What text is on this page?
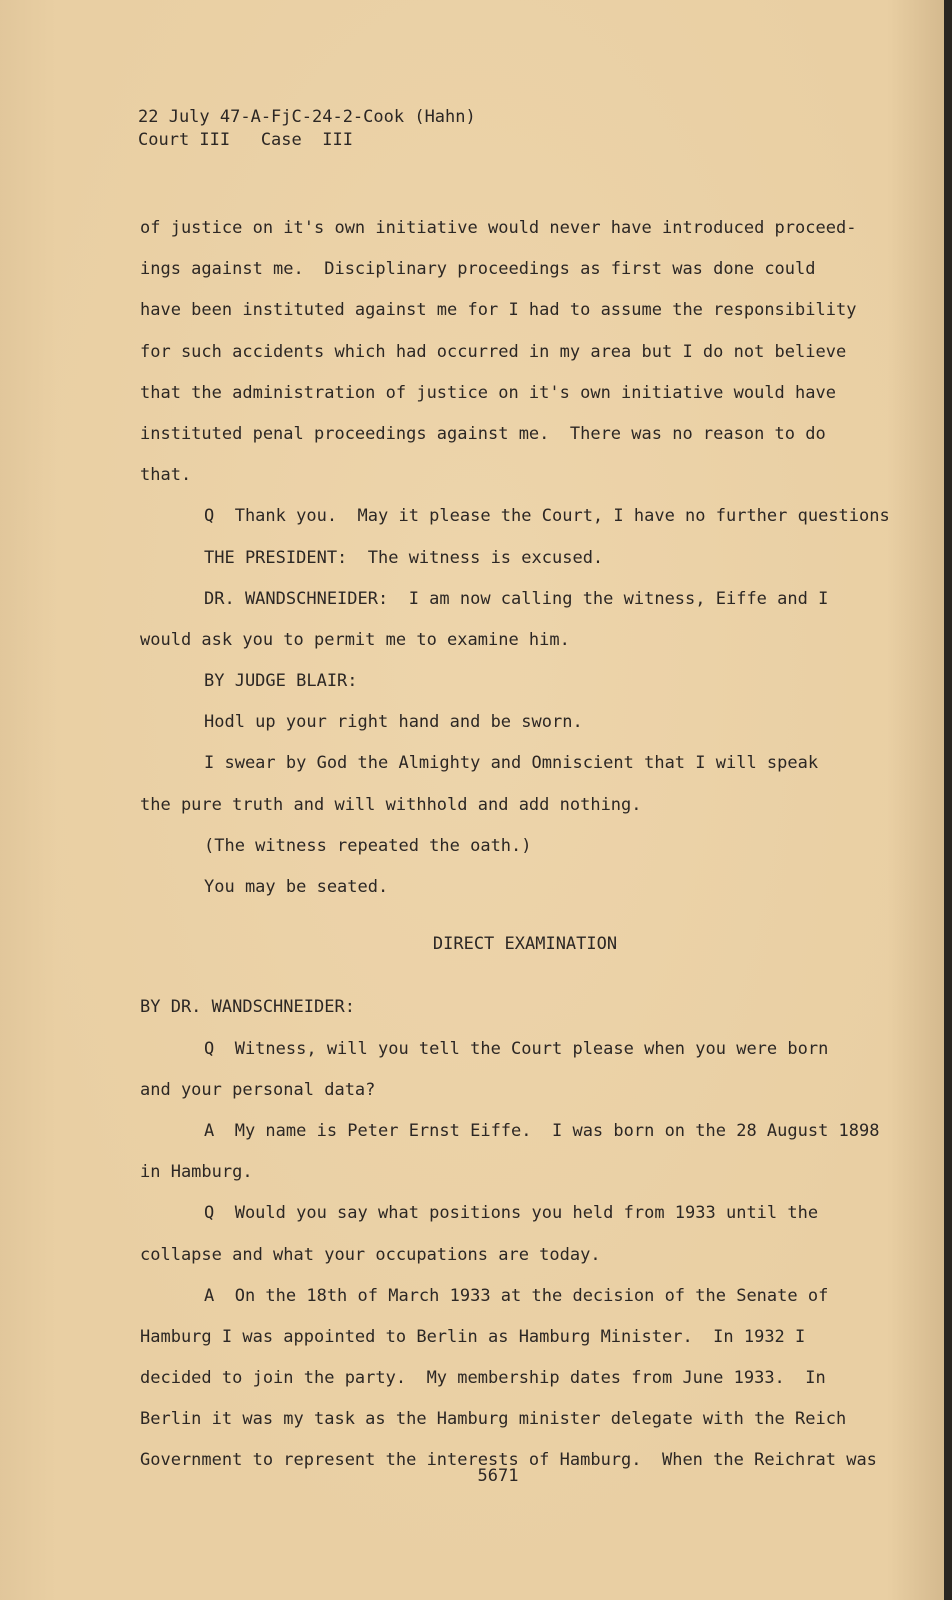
22 July 47-A-FjC-24-2-Cook (Hahn)
Court III   Case  III
of justice on it's own initiative would never have introduced proceed-
ings against me.  Disciplinary proceedings as first was done could
have been instituted against me for I had to assume the responsibility
for such accidents which had occurred in my area but I do not believe
that the administration of justice on it's own initiative would have
instituted penal proceedings against me.  There was no reason to do
that.
Q  Thank you.  May it please the Court, I have no further questions
THE PRESIDENT:  The witness is excused.
DR. WANDSCHNEIDER:  I am now calling the witness, Eiffe and I
would ask you to permit me to examine him.
BY JUDGE BLAIR:
Hodl up your right hand and be sworn.
I swear by God the Almighty and Omniscient that I will speak
the pure truth and will withhold and add nothing.
(The witness repeated the oath.)
You may be seated.
DIRECT EXAMINATION
BY DR. WANDSCHNEIDER:
Q  Witness, will you tell the Court please when you were born
and your personal data?
A  My name is Peter Ernst Eiffe.  I was born on the 28 August 1898
in Hamburg.
Q  Would you say what positions you held from 1933 until the
collapse and what your occupations are today.
A  On the 18th of March 1933 at the decision of the Senate of
Hamburg I was appointed to Berlin as Hamburg Minister.  In 1932 I
decided to join the party.  My membership dates from June 1933.  In
Berlin it was my task as the Hamburg minister delegate with the Reich
Government to represent the interests of Hamburg.  When the Reichrat was
5671
